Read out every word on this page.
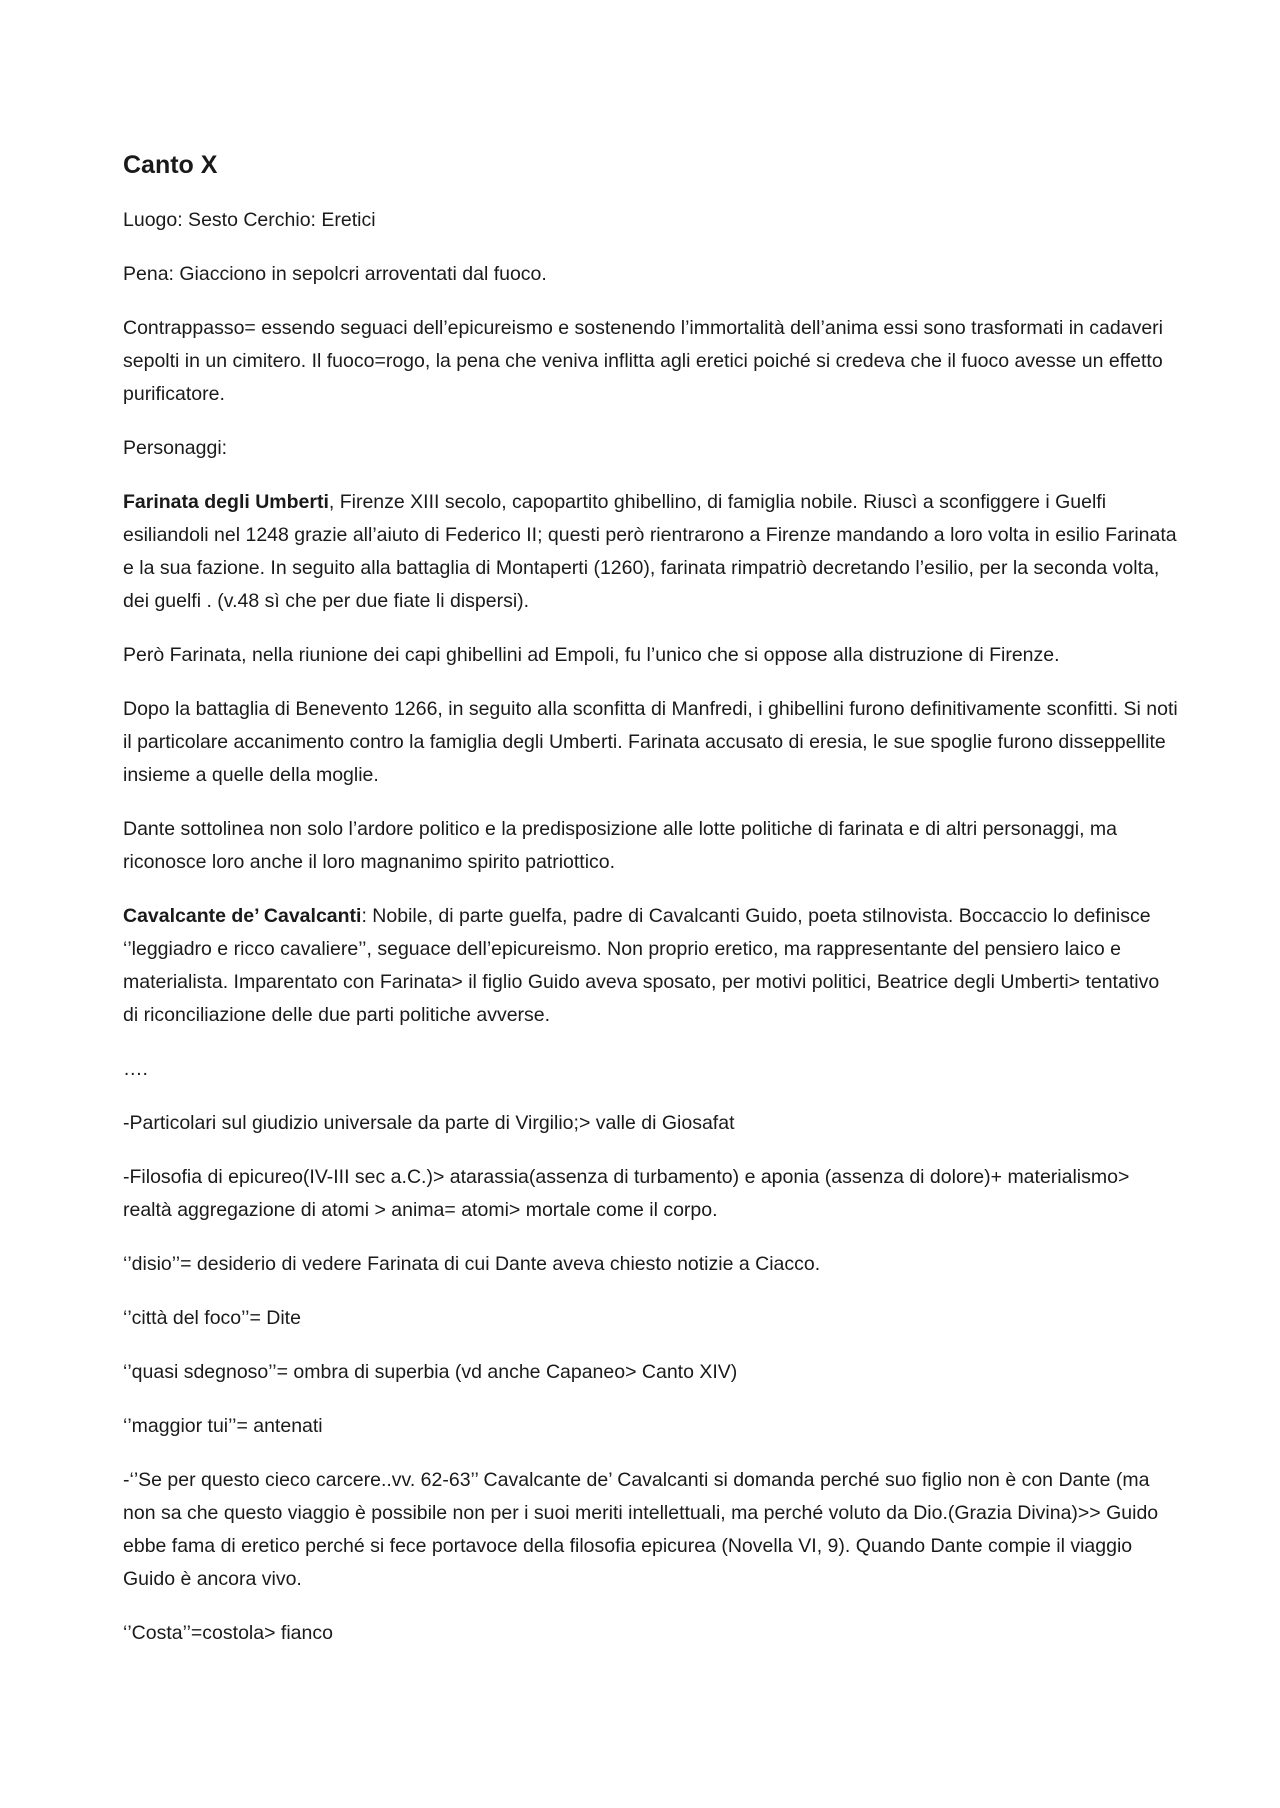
Canto X

Luogo: Sesto Cerchio: Eretici

Pena: Giacciono in sepolcri arroventati dal fuoco.

Contrappasso= essendo seguaci dell’epicureismo e sostenendo l’immortalità dell’anima essi sono trasformati in cadaveri sepolti in un cimitero. Il fuoco=rogo, la pena che veniva inflitta agli eretici poiché si credeva che il fuoco avesse un effetto purificatore.

Personaggi:

Farinata degli Umberti, Firenze XIII secolo, capopartito ghibellino, di famiglia nobile. Riuscì a sconfiggere i Guelfi esiliandoli nel 1248 grazie all’aiuto di Federico II; questi però rientrarono a Firenze mandando a loro volta in esilio Farinata e la sua fazione. In seguito alla battaglia di Montaperti (1260), farinata rimpatriò decretando l’esilio, per la seconda volta, dei guelfi . (v.48 sì che per due fiate li dispersi).

Però Farinata, nella riunione dei capi ghibellini ad Empoli, fu l’unico che si oppose alla distruzione di Firenze.

Dopo la battaglia di Benevento 1266, in seguito alla sconfitta di Manfredi, i ghibellini furono definitivamente sconfitti. Si noti il particolare accanimento contro la famiglia degli Umberti. Farinata accusato di eresia, le sue spoglie furono disseppellite insieme a quelle della moglie.

Dante sottolinea non solo l’ardore politico e la predisposizione alle lotte politiche di farinata e di altri personaggi, ma riconosce loro anche il loro magnanimo spirito patriottico.

Cavalcante de’ Cavalcanti: Nobile, di parte guelfa, padre di Cavalcanti Guido, poeta stilnovista. Boccaccio lo definisce ‘’leggiadro e ricco cavaliere’’, seguace dell’epicureismo. Non proprio eretico, ma rappresentante del pensiero laico e materialista. Imparentato con Farinata> il figlio Guido aveva sposato, per motivi politici, Beatrice degli Umberti> tentativo di riconciliazione delle due parti politiche avverse.

….

-Particolari sul giudizio universale da parte di Virgilio;> valle di Giosafat

-Filosofia di epicureo(IV-III sec a.C.)> atarassia(assenza di turbamento) e aponia (assenza di dolore)+ materialismo> realtà aggregazione di atomi > anima= atomi> mortale come il corpo.

‘’disio’’= desiderio di vedere Farinata di cui Dante aveva chiesto notizie a Ciacco.

‘’città del foco’’= Dite

‘’quasi sdegnoso’’= ombra di superbia (vd anche Capaneo> Canto XIV)

‘’maggior tui’’= antenati

-‘’Se per questo cieco carcere..vv. 62-63’’ Cavalcante de’ Cavalcanti si domanda perché suo figlio non è con Dante (ma non sa che questo viaggio è possibile non per i suoi meriti intellettuali, ma perché voluto da Dio.(Grazia Divina)>> Guido ebbe fama di eretico perché si fece portavoce della filosofia epicurea (Novella VI, 9). Quando Dante compie il viaggio Guido è ancora vivo.

‘’Costa’’=costola> fianco
